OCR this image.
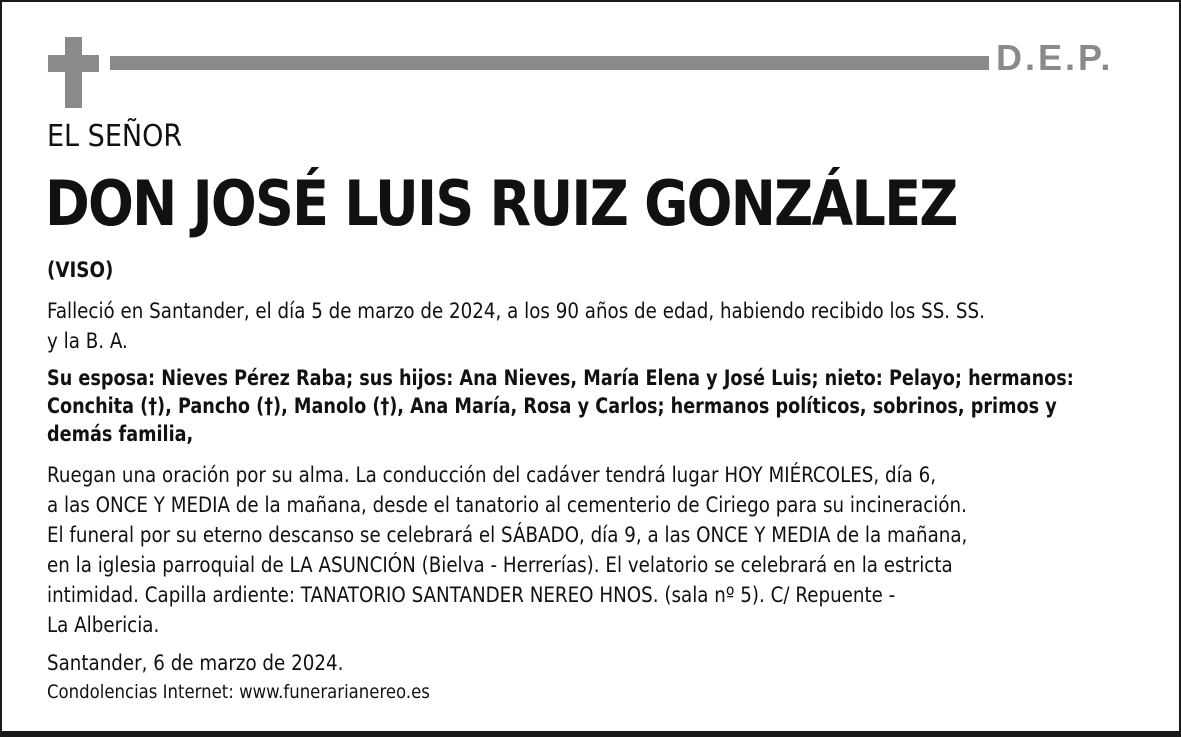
D.E.P.
EL SEÑOR
DON JOSÉ LUIS RUIZ GONZÁLEZ
(VISO)
Falleció en Santander, el día 5 de marzo de 2024, a los 90 años de edad, habiendo recibido los SS. SS.
y la B. A.
Su esposa: Nieves Pérez Raba; sus hijos: Ana Nieves, María Elena y José Luis; nieto: Pelayo; hermanos:
Conchita (†), Pancho (†), Manolo (†), Ana María, Rosa y Carlos; hermanos políticos, sobrinos, primos y
demás familia,
Ruegan una oración por su alma. La conducción del cadáver tendrá lugar HOY MIÉRCOLES, día 6,
a las ONCE Y MEDIA de la mañana, desde el tanatorio al cementerio de Ciriego para su incineración.
El funeral por su eterno descanso se celebrará el SÁBADO, día 9, a las ONCE Y MEDIA de la mañana,
en la iglesia parroquial de LA ASUNCIÓN (Bielva - Herrerías). El velatorio se celebrará en la estricta
intimidad. Capilla ardiente: TANATORIO SANTANDER NEREO HNOS. (sala nº 5). C/ Repuente -
La Albericia.
Santander, 6 de marzo de 2024.
Condolencias Internet: www.funerarianereo.es
